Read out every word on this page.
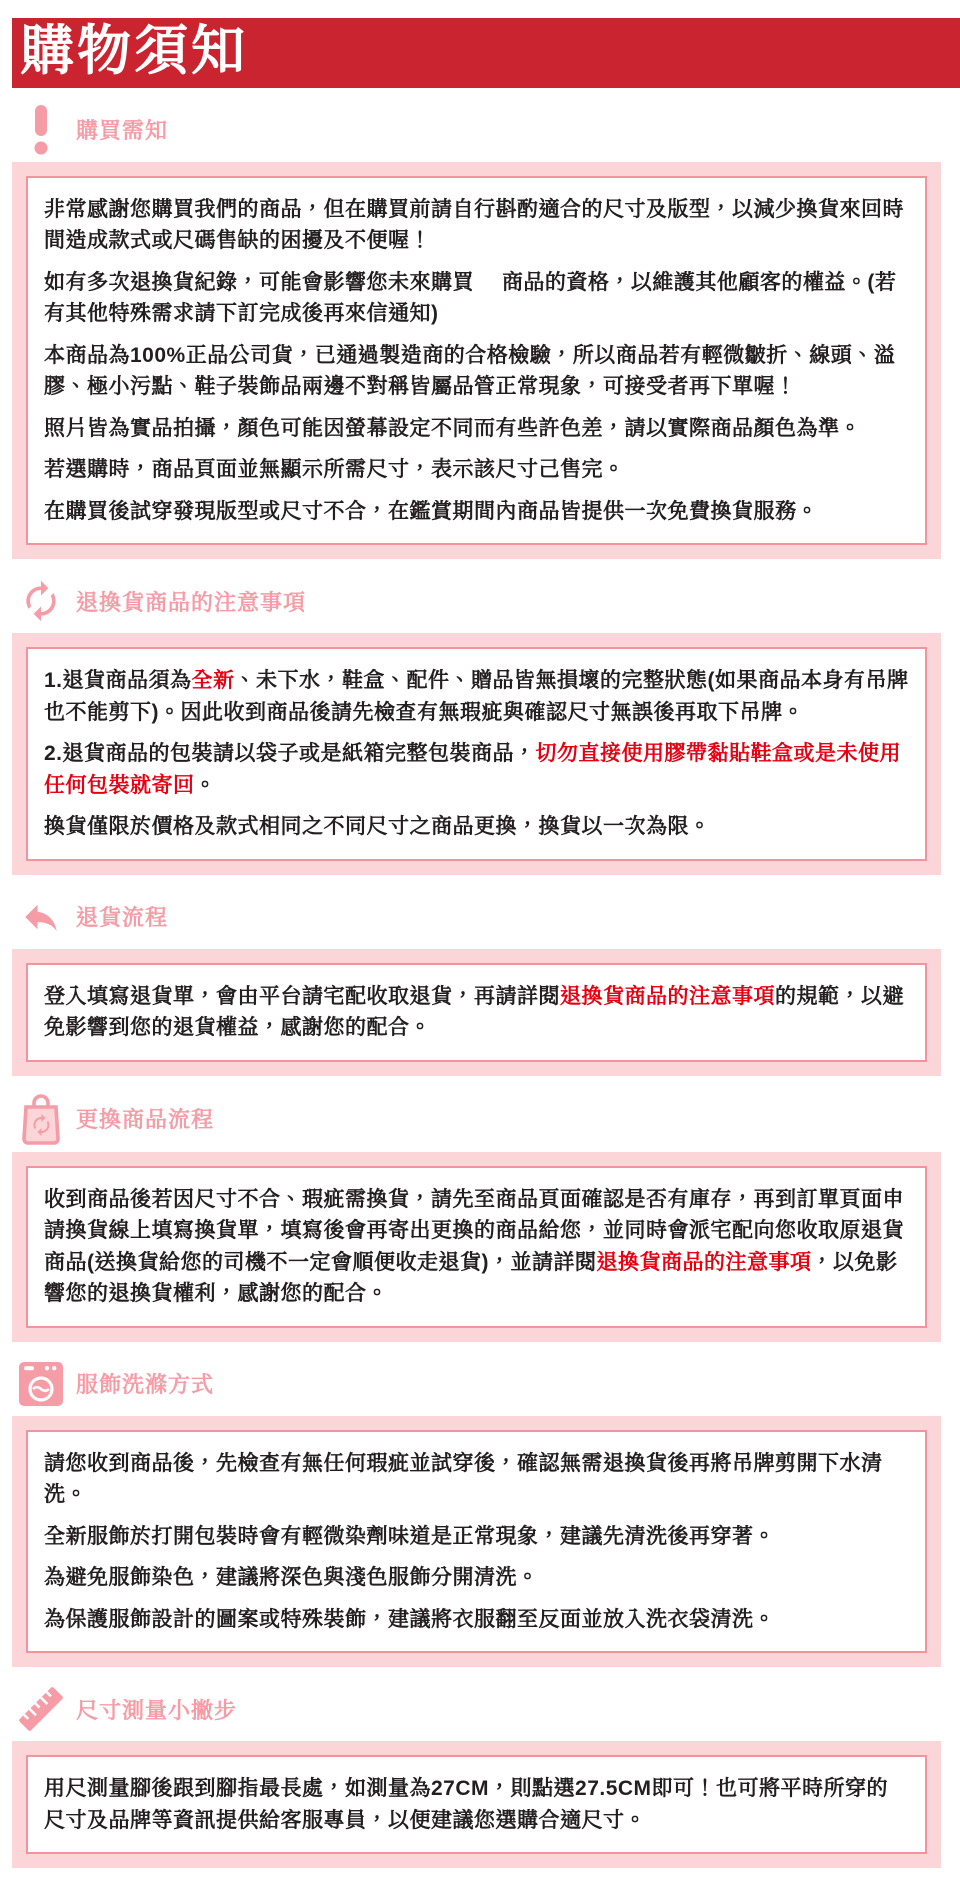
購物須知
購買需知

非常感謝您購買我們的商品，但在購買前請自行斟酌適合的尺寸及版型，以減少換貨來回時間造成款式或尺碼售缺的困擾及不便喔！

如有多次退換貨紀錄，可能會影響您未來購買　 商品的資格，以維護其他顧客的權益。(若有其他特殊需求請下訂完成後再來信通知)

本商品為100%正品公司貨，已通過製造商的合格檢驗，所以商品若有輕微皺折、線頭、溢膠、極小污點、鞋子裝飾品兩邊不對稱皆屬品管正常現象，可接受者再下單喔！

照片皆為實品拍攝，顏色可能因螢幕設定不同而有些許色差，請以實際商品顏色為準。

若選購時，商品頁面並無顯示所需尺寸，表示該尺寸己售完。

在購買後試穿發現版型或尺寸不合，在鑑賞期間內商品皆提供一次免費換貨服務。

退換貨商品的注意事項

1.退貨商品須為全新、未下水，鞋盒、配件、贈品皆無損壞的完整狀態(如果商品本身有吊牌也不能剪下)。因此收到商品後請先檢查有無瑕疵與確認尺寸無誤後再取下吊牌。

2.退貨商品的包裝請以袋子或是紙箱完整包裝商品，切勿直接使用膠帶黏貼鞋盒或是未使用任何包裝就寄回。

換貨僅限於價格及款式相同之不同尺寸之商品更換，換貨以一次為限。

退貨流程

登入填寫退貨單，會由平台請宅配收取退貨，再請詳閱退換貨商品的注意事項的規範，以避免影響到您的退貨權益，感謝您的配合。

更換商品流程

收到商品後若因尺寸不合、瑕疵需換貨，請先至商品頁面確認是否有庫存，再到訂單頁面申請換貨線上填寫換貨單，填寫後會再寄出更換的商品給您，並同時會派宅配向您收取原退貨商品(送換貨給您的司機不一定會順便收走退貨)，並請詳閱退換貨商品的注意事項，以免影響您的退換貨權利，感謝您的配合。

服飾洗滌方式

請您收到商品後，先檢查有無任何瑕疵並試穿後，確認無需退換貨後再將吊牌剪開下水清洗。

全新服飾於打開包裝時會有輕微染劑味道是正常現象，建議先清洗後再穿著。

為避免服飾染色，建議將深色與淺色服飾分開清洗。

為保護服飾設計的圖案或特殊裝飾，建議將衣服翻至反面並放入洗衣袋清洗。

尺寸測量小撇步

用尺測量腳後跟到腳指最長處，如測量為27CM，則點選27.5CM即可！也可將平時所穿的尺寸及品牌等資訊提供給客服專員，以便建議您選購合適尺寸。
